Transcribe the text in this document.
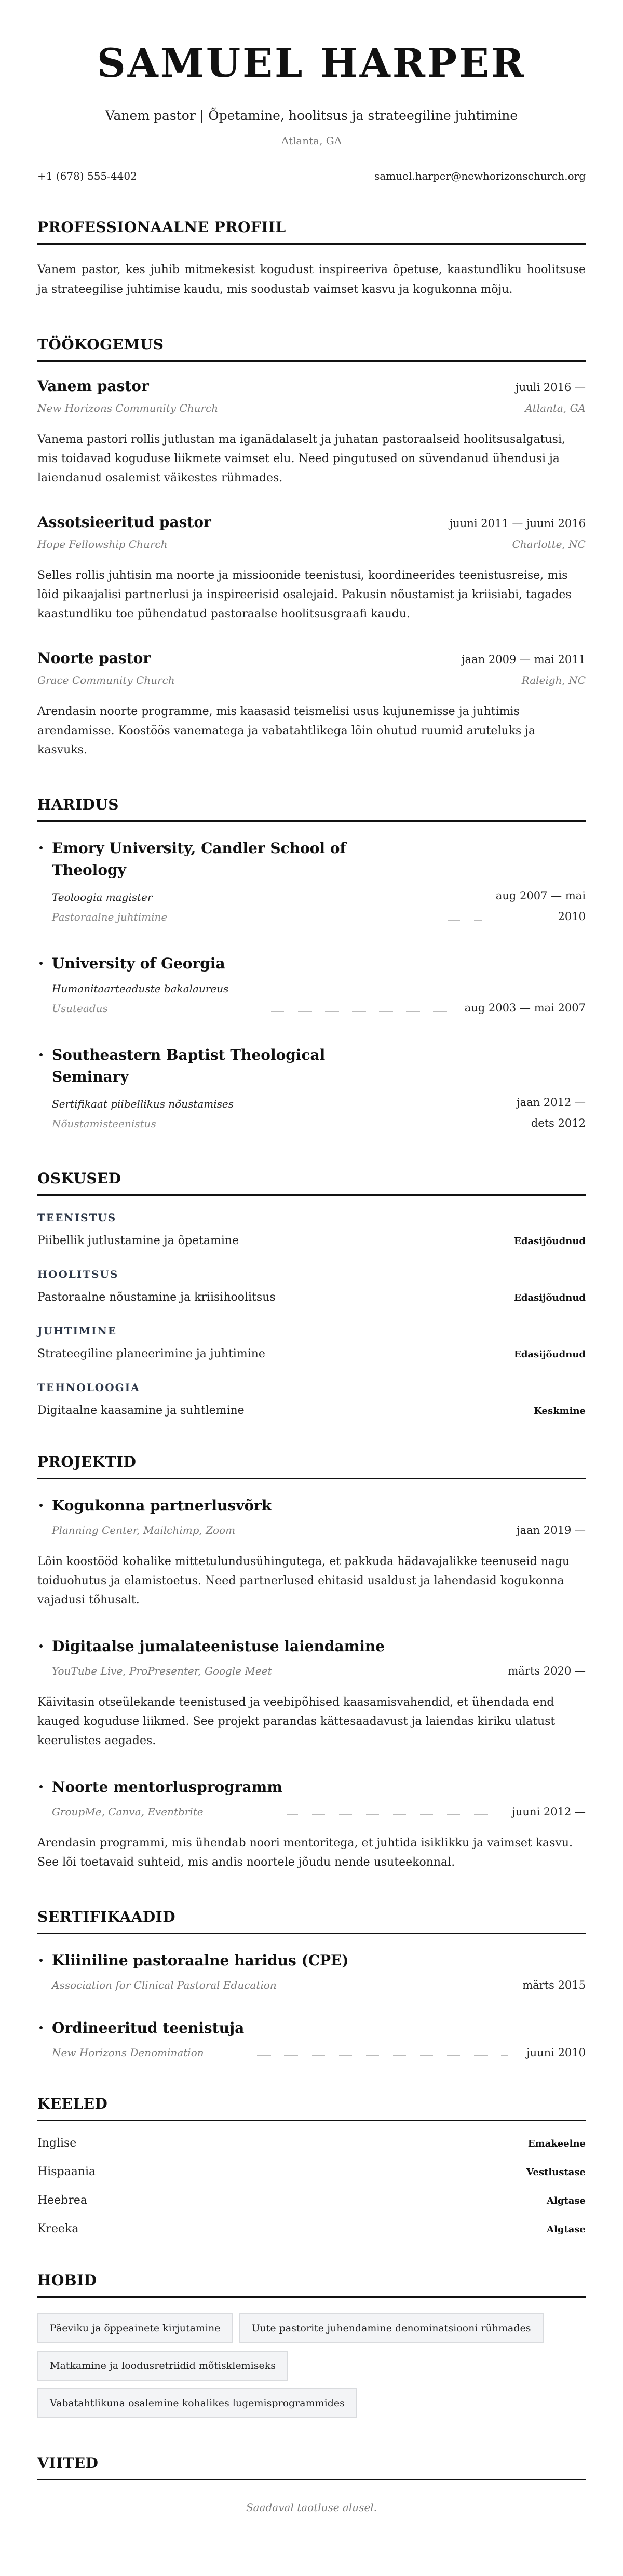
SAMUEL HARPER
Vanem pastor | Õpetamine, hoolitsus ja strateegiline juhtimine
Atlanta, GA
+1 (678) 555-4402	samuel.harper@newhorizonschurch.org
PROFESSIONAALNE PROFIIL

Vanem pastor, kes juhib mitmekesist kogudust inspireeriva õpetuse, kaastundliku hoolitsuse ja strateegilise juhtimise kaudu, mis soodustab vaimset kasvu ja kogukonna mõju.

TÖÖKOGEMUS
Vanem pastor	juuli 2016 —
New Horizons Community Church	Atlanta, GA

Vanema pastori rollis jutlustan ma iganädalaselt ja juhatan pastoraalseid hoolitsusalgatusi, mis toidavad koguduse liikmete vaimset elu. Need pingutused on süvendanud ühendusi ja laiendanud osalemist väikestes rühmades.

Assotsieeritud pastor	juuni 2011 — juuni 2016
Hope Fellowship Church	Charlotte, NC

Selles rollis juhtisin ma noorte ja missioonide teenistusi, koordineerides teenistusreise, mis lõid pikaajalisi partnerlusi ja inspireerisid osalejaid. Pakusin nõustamist ja kriisiabi, tagades kaastundliku toe pühendatud pastoraalse hoolitsusgraafi kaudu.

Noorte pastor	jaan 2009 — mai 2011
Grace Community Church	Raleigh, NC

Arendasin noorte programme, mis kaasasid teismelisi usus kujunemisse ja juhtimis arendamisse. Koostöös vanematega ja vabatahtlikega lõin ohutud ruumid aruteluks ja kasvuks.

HARIDUS
Emory University, Candler School of Theology
Teoloogia magister
Pastoraalne juhtimine
aug 2007 — mai 2010
University of Georgia
Humanitaarteaduste bakalaureus
Usuteadus	aug 2003 — mai 2007
Southeastern Baptist Theological Seminary
Sertifikaat piibellikus nõustamises
Nõustamisteenistus
jaan 2012 — dets 2012
OSKUSED
TEENISTUS
Piibellik jutlustamine ja õpetamine	Edasijõudnud
HOOLITSUS
Pastoraalne nõustamine ja kriisihoolitsus	Edasijõudnud
JUHTIMINE
Strateegiline planeerimine ja juhtimine	Edasijõudnud
TEHNOLOOGIA
Digitaalne kaasamine ja suhtlemine	Keskmine
PROJEKTID
Kogukonna partnerlusvõrk
Planning Center, Mailchimp, Zoom	jaan 2019 —

Lõin koostööd kohalike mittetulundusühingutega, et pakkuda hädavajalikke teenuseid nagu toiduohutus ja elamistoetus. Need partnerlused ehitasid usaldust ja lahendasid kogukonna vajadusi tõhusalt.

Digitaalse jumalateenistuse laiendamine
YouTube Live, ProPresenter, Google Meet	märts 2020 —

Käivitasin otseülekande teenistused ja veebipõhised kaasamisvahendid, et ühendada end kauged koguduse liikmed. See projekt parandas kättesaadavust ja laiendas kiriku ulatust keerulistes aegades.

Noorte mentorlusprogramm
GroupMe, Canva, Eventbrite	juuni 2012 —

Arendasin programmi, mis ühendab noori mentoritega, et juhtida isiklikku ja vaimset kasvu. See lõi toetavaid suhteid, mis andis noortele jõudu nende usuteekonnal.

SERTIFIKAADID
Kliiniline pastoraalne haridus (CPE)
Association for Clinical Pastoral Education	märts 2015
Ordineeritud teenistuja
New Horizons Denomination	juuni 2010
KEELED
Inglise	Emakeelne
Hispaania	Vestlustase
Heebrea	Algtase
Kreeka	Algtase
HOBID
Päeviku ja õppeainete kirjutamine	Uute pastorite juhendamine denominatsiooni rühmades
Matkamine ja loodusretriidid mõtisklemiseks
Vabatahtlikuna osalemine kohalikes lugemisprogrammides
VIITED

Saadaval taotluse alusel.
